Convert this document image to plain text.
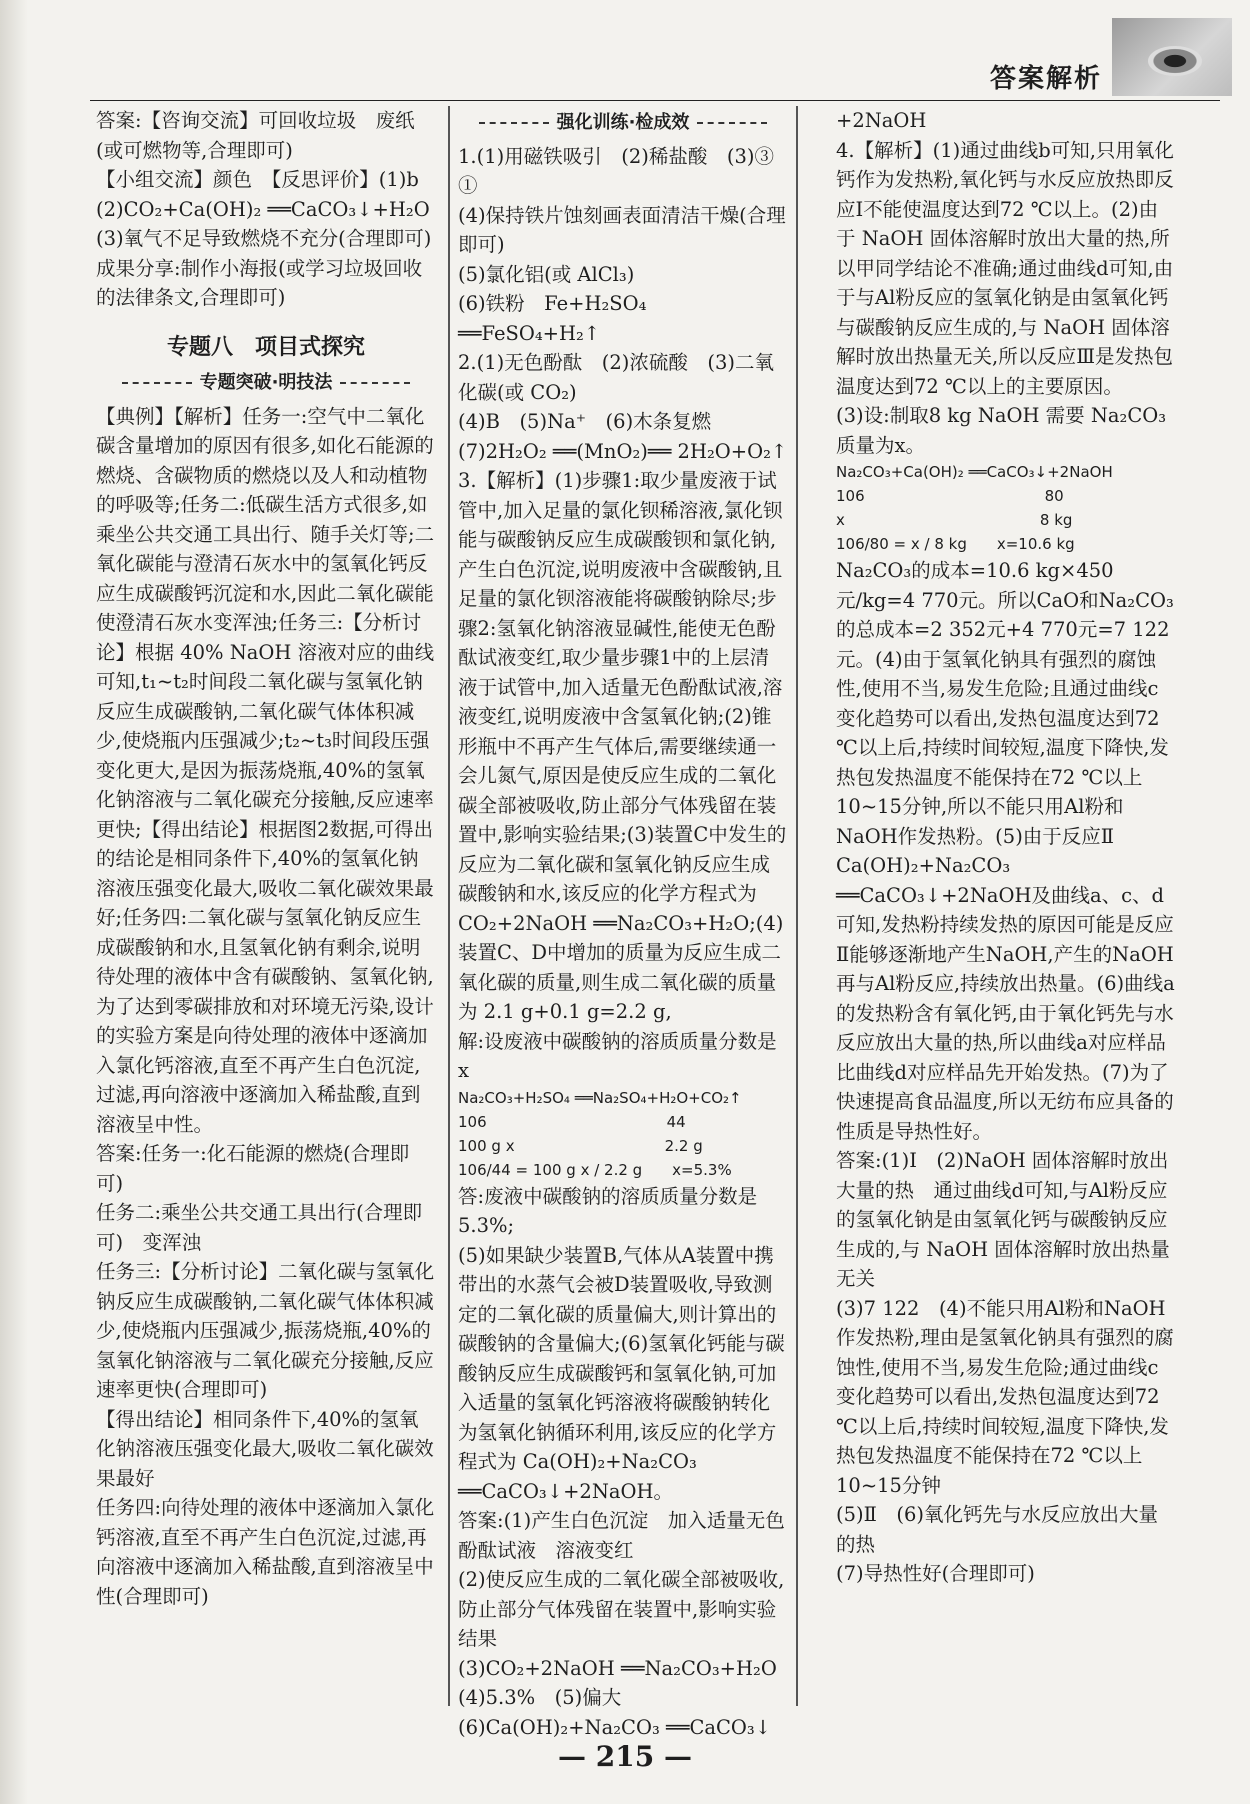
答案解析

答案:【咨询交流】可回收垃圾　废纸(或可燃物等,合理即可)

【小组交流】颜色　【反思评价】(1)b

(2)CO₂+Ca(OH)₂ ══CaCO₃↓+H₂O

(3)氧气不足导致燃烧不充分(合理即可)　成果分享:制作小海报(或学习垃圾回收的法律条文,合理即可)

专题八　项目式探究
专题突破·明技法

【典例】【解析】任务一:空气中二氧化碳含量增加的原因有很多,如化石能源的燃烧、含碳物质的燃烧以及人和动植物的呼吸等;任务二:低碳生活方式很多,如乘坐公共交通工具出行、随手关灯等;二氧化碳能与澄清石灰水中的氢氧化钙反应生成碳酸钙沉淀和水,因此二氧化碳能使澄清石灰水变浑浊;任务三:【分析讨论】根据 40% NaOH 溶液对应的曲线可知,t₁~t₂时间段二氧化碳与氢氧化钠反应生成碳酸钠,二氧化碳气体体积减少,使烧瓶内压强减少;t₂~t₃时间段压强变化更大,是因为振荡烧瓶,40%的氢氧化钠溶液与二氧化碳充分接触,反应速率更快;【得出结论】根据图2数据,可得出的结论是相同条件下,40%的氢氧化钠溶液压强变化最大,吸收二氧化碳效果最好;任务四:二氧化碳与氢氧化钠反应生成碳酸钠和水,且氢氧化钠有剩余,说明待处理的液体中含有碳酸钠、氢氧化钠,为了达到零碳排放和对环境无污染,设计的实验方案是向待处理的液体中逐滴加入氯化钙溶液,直至不再产生白色沉淀,过滤,再向溶液中逐滴加入稀盐酸,直到溶液呈中性。

答案:任务一:化石能源的燃烧(合理即可)

任务二:乘坐公共交通工具出行(合理即可)　变浑浊

任务三:【分析讨论】二氧化碳与氢氧化钠反应生成碳酸钠,二氧化碳气体体积减少,使烧瓶内压强减少,振荡烧瓶,40%的氢氧化钠溶液与二氧化碳充分接触,反应速率更快(合理即可)

【得出结论】相同条件下,40%的氢氧化钠溶液压强变化最大,吸收二氧化碳效果最好

任务四:向待处理的液体中逐滴加入氯化钙溶液,直至不再产生白色沉淀,过滤,再向溶液中逐滴加入稀盐酸,直到溶液呈中性(合理即可)

强化训练·检成效

1.(1)用磁铁吸引　(2)稀盐酸　(3)③　①

(4)保持铁片蚀刻画表面清洁干燥(合理即可)

(5)氯化铝(或 AlCl₃)

(6)铁粉　Fe+H₂SO₄ ══FeSO₄+H₂↑

2.(1)无色酚酞　(2)浓硫酸　(3)二氧化碳(或 CO₂)

(4)B　(5)Na⁺　(6)木条复燃

(7)2H₂O₂ ══(MnO₂)══ 2H₂O+O₂↑

3.【解析】(1)步骤1:取少量废液于试管中,加入足量的氯化钡稀溶液,氯化钡能与碳酸钠反应生成碳酸钡和氯化钠,产生白色沉淀,说明废液中含碳酸钠,且足量的氯化钡溶液能将碳酸钠除尽;步骤2:氢氧化钠溶液显碱性,能使无色酚酞试液变红,取少量步骤1中的上层清液于试管中,加入适量无色酚酞试液,溶液变红,说明废液中含氢氧化钠;(2)锥形瓶中不再产生气体后,需要继续通一会儿氮气,原因是使反应生成的二氧化碳全部被吸收,防止部分气体残留在装置中,影响实验结果;(3)装置C中发生的反应为二氧化碳和氢氧化钠反应生成碳酸钠和水,该反应的化学方程式为 CO₂+2NaOH ══Na₂CO₃+H₂O;(4)装置C、D中增加的质量为反应生成二氧化碳的质量,则生成二氧化碳的质量为 2.1 g+0.1 g=2.2 g,

解:设废液中碳酸钠的溶质质量分数是 x

Na₂CO₃+H₂SO₄ ══Na₂SO₄+H₂O+CO₂↑
106　　　　　　　　　　　　44
100 g x　　　　　　　　　　2.2 g
106/44 = 100 g x / 2.2 g　　x=5.3%

答:废液中碳酸钠的溶质质量分数是5.3%;

(5)如果缺少装置B,气体从A装置中携带出的水蒸气会被D装置吸收,导致测定的二氧化碳的质量偏大,则计算出的碳酸钠的含量偏大;(6)氢氧化钙能与碳酸钠反应生成碳酸钙和氢氧化钠,可加入适量的氢氧化钙溶液将碳酸钠转化为氢氧化钠循环利用,该反应的化学方程式为 Ca(OH)₂+Na₂CO₃ ══CaCO₃↓+2NaOH。

答案:(1)产生白色沉淀　加入适量无色酚酞试液　溶液变红

(2)使反应生成的二氧化碳全部被吸收,防止部分气体残留在装置中,影响实验结果

(3)CO₂+2NaOH ══Na₂CO₃+H₂O

(4)5.3%　(5)偏大

(6)Ca(OH)₂+Na₂CO₃ ══CaCO₃↓

+2NaOH

4.【解析】(1)通过曲线b可知,只用氧化钙作为发热粉,氧化钙与水反应放热即反应Ⅰ不能使温度达到72 ℃以上。(2)由于 NaOH 固体溶解时放出大量的热,所以甲同学结论不准确;通过曲线d可知,由于与Al粉反应的氢氧化钠是由氢氧化钙与碳酸钠反应生成的,与 NaOH 固体溶解时放出热量无关,所以反应Ⅲ是发热包温度达到72 ℃以上的主要原因。

(3)设:制取8 kg NaOH 需要 Na₂CO₃质量为x。

Na₂CO₃+Ca(OH)₂ ══CaCO₃↓+2NaOH
106　　　　　　　　　　　　80
x　　　　　　　　　　　　　8 kg
106/80 = x / 8 kg　　x=10.6 kg

Na₂CO₃的成本=10.6 kg×450元/kg=4 770元。所以CaO和Na₂CO₃的总成本=2 352元+4 770元=7 122元。(4)由于氢氧化钠具有强烈的腐蚀性,使用不当,易发生危险;且通过曲线c变化趋势可以看出,发热包温度达到72 ℃以上后,持续时间较短,温度下降快,发热包发热温度不能保持在72 ℃以上10~15分钟,所以不能只用Al粉和NaOH作发热粉。(5)由于反应Ⅱ Ca(OH)₂+Na₂CO₃ ══CaCO₃↓+2NaOH及曲线a、c、d可知,发热粉持续发热的原因可能是反应Ⅱ能够逐渐地产生NaOH,产生的NaOH再与Al粉反应,持续放出热量。(6)曲线a的发热粉含有氧化钙,由于氧化钙先与水反应放出大量的热,所以曲线a对应样品比曲线d对应样品先开始发热。(7)为了快速提高食品温度,所以无纺布应具备的性质是导热性好。

答案:(1)Ⅰ　(2)NaOH 固体溶解时放出大量的热　通过曲线d可知,与Al粉反应的氢氧化钠是由氢氧化钙与碳酸钠反应生成的,与 NaOH 固体溶解时放出热量无关

(3)7 122　(4)不能只用Al粉和NaOH作发热粉,理由是氢氧化钠具有强烈的腐蚀性,使用不当,易发生危险;通过曲线c变化趋势可以看出,发热包温度达到72 ℃以上后,持续时间较短,温度下降快,发热包发热温度不能保持在72 ℃以上10~15分钟

(5)Ⅱ　(6)氧化钙先与水反应放出大量的热

(7)导热性好(合理即可)

— 215 —
